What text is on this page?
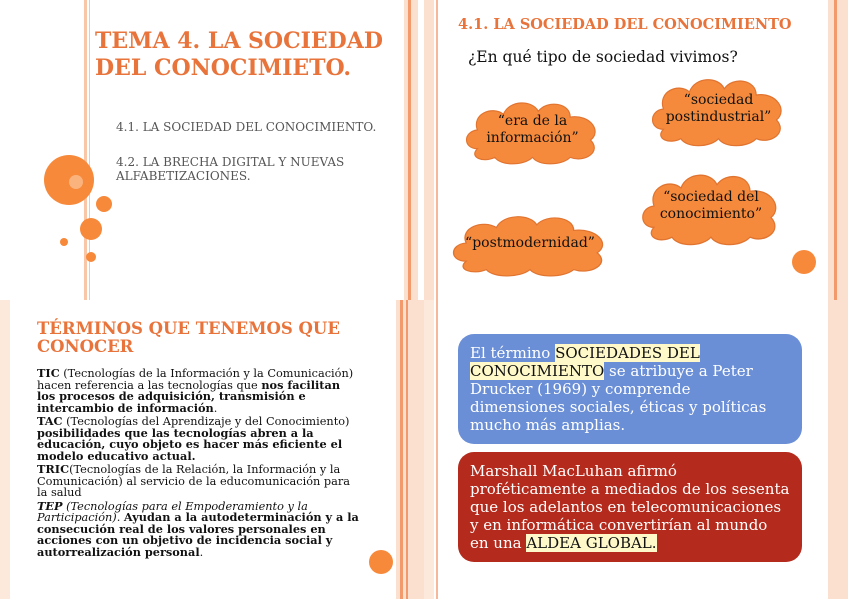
TEMA 4. LA SOCIEDAD DEL CONOCIMIETO.
4.1. LA SOCIEDAD DEL CONOCIMIENTO.
4.2. LA BRECHA DIGITAL Y NUEVAS ALFABETIZACIONES.
4.1. LA SOCIEDAD DEL CONOCIMIENTO
¿En qué tipo de sociedad vivimos?
“era de la información”
“sociedad postindustrial”
“sociedad del conocimiento”
“postmodernidad”
TÉRMINOS QUE TENEMOS QUE CONOCER

TIC (Tecnologías de la Información y la Comunicación) hacen referencia a las tecnologías que nos facilitan los procesos de adquisición, transmisión e intercambio de información.

TAC (Tecnologías del Aprendizaje y del Conocimiento) posibilidades que las tecnologías abren a la educación, cuyo objeto es hacer más eficiente el modelo educativo actual.

TRIC(Tecnologías de la Relación, la Información y la Comunicación) al servicio de la educomunicación para la salud

TEP (Tecnologías para el Empoderamiento y la Participación). Ayudan a la autodeterminación y a la consecución real de los valores personales en acciones con un objetivo de incidencia social y autorrealización personal.

El término SOCIEDADES DEL CONOCIMIENTO se atribuye a Peter Drucker (1969) y comprende dimensiones sociales, éticas y políticas mucho más amplias.
Marshall MacLuhan afirmó proféticamente a mediados de los sesenta que los adelantos en telecomunicaciones y en informática convertirían al mundo en una ALDEA GLOBAL.
